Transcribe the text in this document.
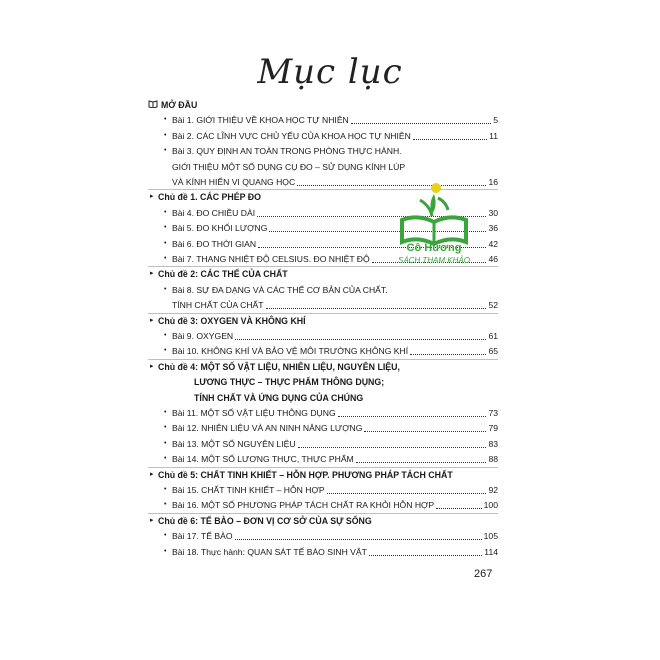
Mục lục
MỞ ĐẦU
• Bài 1. GIỚI THIỆU VỀ KHOA HỌC TỰ NHIÊN	5
• Bài 2. CÁC LĨNH VỰC CHỦ YẾU CỦA KHOA HỌC TỰ NHIÊN	11
• Bài 3. QUY ĐỊNH AN TOÀN TRONG PHÒNG THỰC HÀNH.
GIỚI THIỆU MỘT SỐ DỤNG CỤ ĐO – SỬ DỤNG KÍNH LÚP
VÀ KÍNH HIỂN VI QUANG HỌC	16
▸ Chủ đề 1. CÁC PHÉP ĐO
• Bài 4. ĐO CHIỀU DÀI	30
• Bài 5. ĐO KHỐI LƯỢNG	36
• Bài 6. ĐO THỜI GIAN	42
• Bài 7. THANG NHIỆT ĐỘ CELSIUS. ĐO NHIỆT ĐỘ	46
▸ Chủ đề 2: CÁC THỂ CỦA CHẤT
• Bài 8. SỰ ĐA DẠNG VÀ CÁC THỂ CƠ BẢN CỦA CHẤT.
TÍNH CHẤT CỦA CHẤT	52
▸ Chủ đề 3: OXYGEN VÀ KHÔNG KHÍ
• Bài 9. OXYGEN	61
• Bài 10. KHÔNG KHÍ VÀ BẢO VỆ MÔI TRƯỜNG KHÔNG KHÍ	65
▸ Chủ đề 4: MỘT SỐ VẬT LIỆU, NHIÊN LIỆU, NGUYÊN LIỆU,
LƯƠNG THỰC – THỰC PHẨM THÔNG DỤNG;
TÍNH CHẤT VÀ ỨNG DỤNG CỦA CHÚNG
• Bài 11. MỘT SỐ VẬT LIỆU THÔNG DỤNG	73
• Bài 12. NHIÊN LIỆU VÀ AN NINH NĂNG LƯỢNG	79
• Bài 13. MỘT SỐ NGUYÊN LIỆU	83
• Bài 14. MỘT SỐ LƯƠNG THỰC, THỰC PHẨM	88
▸ Chủ đề 5: CHẤT TINH KHIẾT – HỖN HỢP. PHƯƠNG PHÁP TÁCH CHẤT
• Bài 15. CHẤT TINH KHIẾT – HỖN HỢP	92
• Bài 16. MỘT SỐ PHƯƠNG PHÁP TÁCH CHẤT RA KHỎI HỖN HỢP	100
▸ Chủ đề 6: TẾ BÀO – ĐƠN VỊ CƠ SỞ CỦA SỰ SỐNG
• Bài 17. TẾ BÀO	105
• Bài 18. Thực hành: QUAN SÁT TẾ BÀO SINH VẬT	114
Cô Hương
SÁCH THAM KHẢO
267
